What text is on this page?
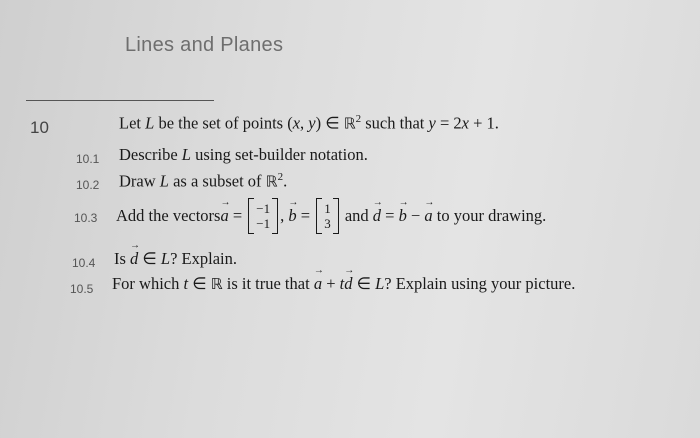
Lines and Planes
10	Let L be the set of points (x, y) ∈ ℝ$^2$ such that y = 2x + 1.
10.1 Describe L using set-builder notation.
10.2 Draw L as a subset of ℝ$^2$.
10.3 Add the vectors → a = −1
−1 , → b = 1
3 and → d = → b − → a to your drawing.
10.4 Is → d ∈ L? Explain.
10.5 For which t ∈ ℝ is it true that → a + t→ d ∈ L? Explain using your picture.
